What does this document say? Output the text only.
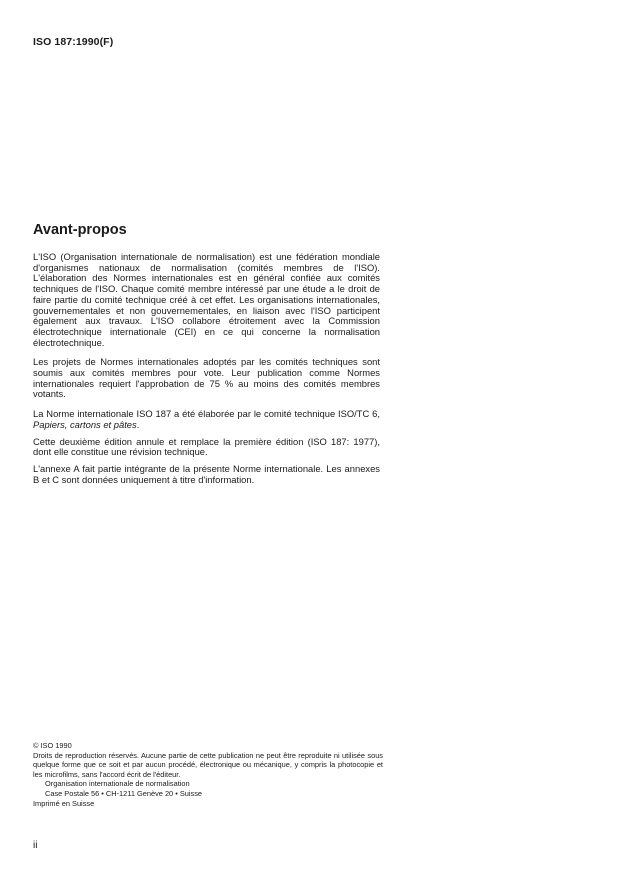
ISO 187:1990(F)
Avant-propos

L'ISO (Organisation internationale de normalisation) est une fédération mondiale d'organismes nationaux de normalisation (comités membres de l'ISO). L'élaboration des Normes internationales est en général confiée aux comités techniques de l'ISO. Chaque comité membre intéressé par une étude a le droit de faire partie du comité technique créé à cet effet. Les organisations internationales, gouvernementales et non gouvernementales, en liaison avec l'ISO participent également aux travaux. L'ISO collabore étroitement avec la Commission électrotechnique internationale (CEI) en ce qui concerne la normalisation électrotechnique.

Les projets de Normes internationales adoptés par les comités techniques sont soumis aux comités membres pour vote. Leur publication comme Normes internationales requiert l'approbation de 75 % au moins des comités membres votants.

La Norme internationale ISO 187 a été élaborée par le comité technique ISO/TC 6, Papiers, cartons et pâtes.

Cette deuxième édition annule et remplace la première édition (ISO 187: 1977), dont elle constitue une révision technique.

L'annexe A fait partie intégrante de la présente Norme internationale. Les annexes B et C sont données uniquement à titre d'information.

© ISO 1990

Droits de reproduction réservés. Aucune partie de cette publication ne peut être reproduite ni utilisée sous quelque forme que ce soit et par aucun procédé, électronique ou mécanique, y compris la photocopie et les microfilms, sans l'accord écrit de l'éditeur.

Organisation internationale de normalisation

Case Postale 56 • CH-1211 Genève 20 • Suisse

Imprimé en Suisse

ii
